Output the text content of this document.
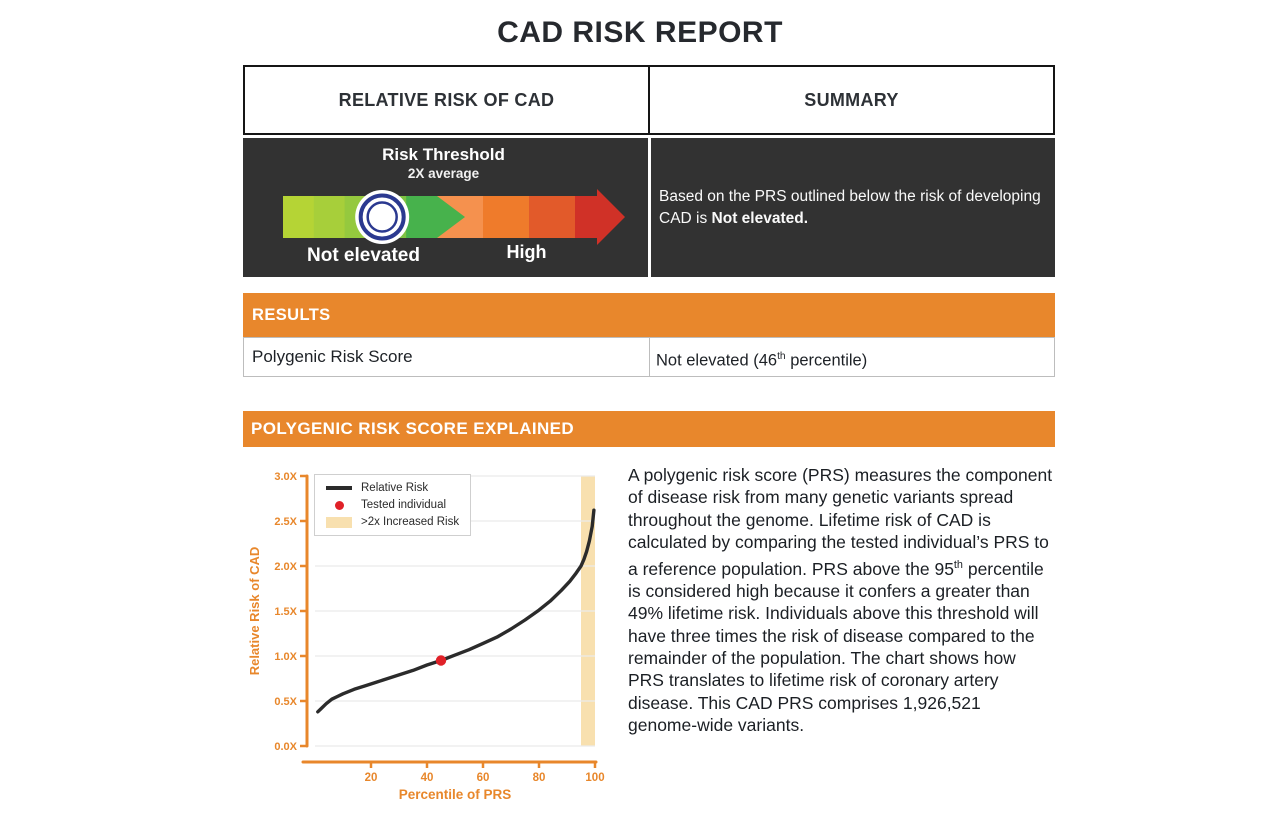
CAD RISK REPORT
RELATIVE RISK OF CAD	SUMMARY
Risk Threshold
2X average
Not elevated	High

Based on the PRS outlined below the risk of developing CAD is Not elevated.

RESULTS
Polygenic Risk Score	Not elevated (46th percentile)
POLYGENIC RISK SCORE EXPLAINED
0.0X
0.5X
1.0X
1.5X
2.0X
2.5X
3.0X
20	40	60	80	100
Percentile of PRS
Relative Risk of CAD
Relative Risk
Tested individual
>2x Increased Risk

A polygenic risk score (PRS) measures the component of disease risk from many genetic variants spread throughout the genome. Lifetime risk of CAD is calculated by comparing the tested individual’s PRS to a reference population. PRS above the 95th percentile is considered high because it confers a greater than 49% lifetime risk. Individuals above this threshold will have three times the risk of disease compared to the remainder of the population. The chart shows how PRS translates to lifetime risk of coronary artery disease. This CAD PRS comprises 1,926,521 genome-wide variants.
